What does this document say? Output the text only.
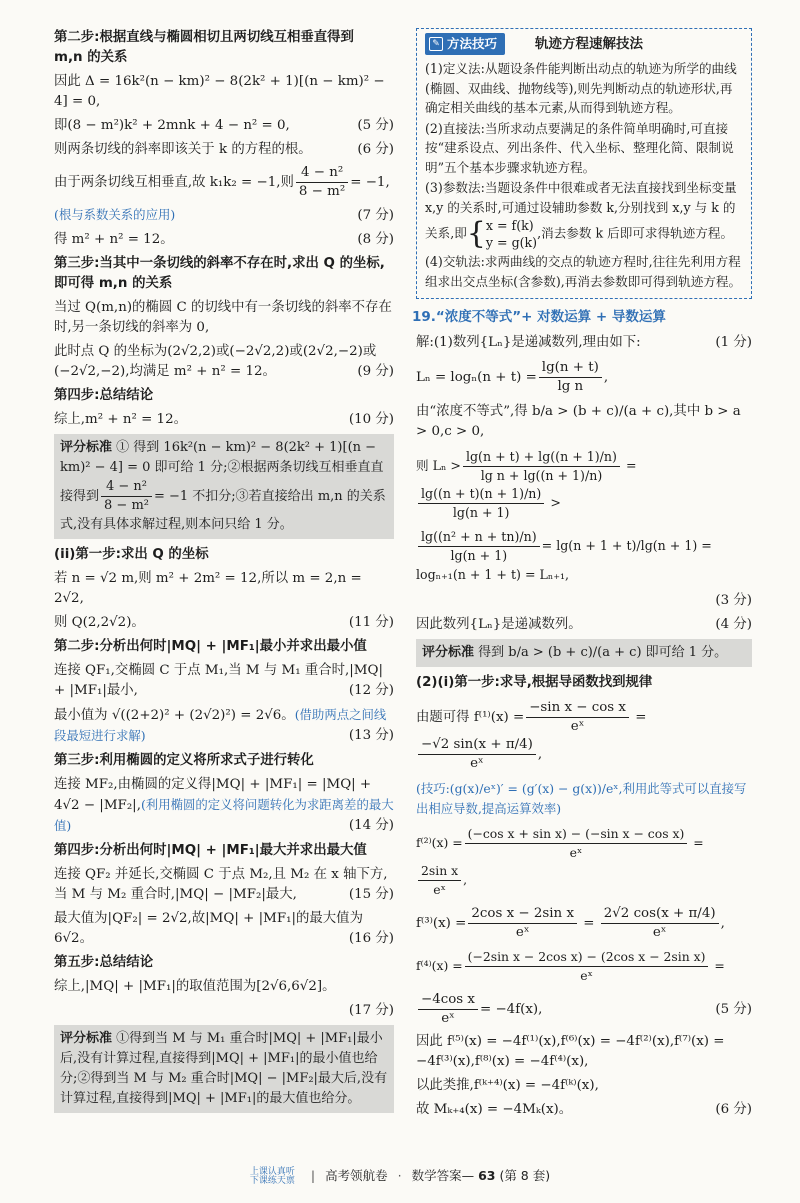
第二步:根据直线与椭圆相切且两切线互相垂直得到
m,n 的关系
因此 Δ = 16k²(n − km)² − 8(2k² + 1)[(n − km)² − 4] = 0,
即(8 − m²)k² + 2mnk + 4 − n² = 0,	(5 分)
则两条切线的斜率即该关于 k 的方程的根。	(6 分)
由于两条切线互相垂直,故 k₁k₂ = −1,则 $\frac{\text{4 − n²}}{\text{8 − m²}} = -1$,
(根与系数关系的应用)	(7 分)
得 m² + n² = 12。	(8 分)
第三步:当其中一条切线的斜率不存在时,求出 Q 的坐标,即可得 m,n 的关系
当过 Q(m,n)的椭圆 C 的切线中有一条切线的斜率不存在时,另一条切线的斜率为 0,
此时点 Q 的坐标为(2√2,2)或(−2√2,2)或(2√2,−2)或(−2√2,−2),均满足 m² + n² = 12。	(9 分)
第四步:总结结论
综上,m² + n² = 12。	(10 分)
评分标准 ① 得到 16k²(n − km)² − 8(2k² + 1)[(n − km)² − 4] = 0 即可给 1 分;②根据两条切线互相垂直直接得到 $\frac{\text{4 − n²}}{\text{8 − m²}} = -1$ 不扣分;③若直接给出 m,n 的关系式,没有具体求解过程,则本问只给 1 分。
(ii)第一步:求出 Q 的坐标
若 n = √2 m,则 m² + 2m² = 12,所以 m = 2,n = 2√2,
则 Q(2,2√2)。	(11 分)
第二步:分析出何时|MQ| + |MF₁|最小并求出最小值
连接 QF₁,交椭圆 C 于点 M₁,当 M 与 M₁ 重合时,|MQ| + |MF₁|最小,	(12 分)
最小值为 √((2+2)² + (2√2)²) = 2√6。(借助两点之间线段最短进行求解)	(13 分)
第三步:利用椭圆的定义将所求式子进行转化
连接 MF₂,由椭圆的定义得|MQ| + |MF₁| = |MQ| + 4√2 − |MF₂|,(利用椭圆的定义将问题转化为求距离差的最大值)	(14 分)
第四步:分析出何时|MQ| + |MF₁|最大并求出最大值
连接 QF₂ 并延长,交椭圆 C 于点 M₂,且 M₂ 在 x 轴下方,当 M 与 M₂ 重合时,|MQ| − |MF₂|最大,	(15 分)
最大值为|QF₂| = 2√2,故|MQ| + |MF₁|的最大值为 6√2。	(16 分)
第五步:总结结论
综上,|MQ| + |MF₁|的取值范围为[2√6,6√2]。
(17 分)
评分标准 ①得到当 M 与 M₁ 重合时|MQ| + |MF₁|最小后,没有计算过程,直接得到|MQ| + |MF₁|的最小值也给分;②得到当 M 与 M₂ 重合时|MQ| − |MF₂|最大后,没有计算过程,直接得到|MQ| + |MF₁|的最大值也给分。
✎ 方法技巧	轨迹方程速解技法
(1)定义法:从题设条件能判断出动点的轨迹为所学的曲线(椭圆、双曲线、抛物线等),则先判断动点的轨迹形状,再确定相关曲线的基本元素,从而得到轨迹方程。
(2)直接法:当所求动点要满足的条件简单明确时,可直接按“建系设点、列出条件、代入坐标、整理化简、限制说明”五个基本步骤求轨迹方程。
(3)参数法:当题设条件中很难或者无法直接找到坐标变量 x,y 的关系时,可通过设辅助参数 k,分别找到 x,y 与 k 的关系,即{x = f(k)
y = g(k),消去参数 k 后即可求得轨迹方程。
(4)交轨法:求两曲线的交点的轨迹方程时,往往先利用方程组求出交点坐标(含参数),再消去参数即可得到轨迹方程。
19.“浓度不等式”+ 对数运算 + 导数运算
解:(1)数列{Lₙ}是递减数列,理由如下:	(1 分)
$L_n = \log_n(n + t) = \frac{\lg(n + t)}{\text{lg n}}$ ,
由“浓度不等式”,得 b/a > (b + c)/(a + c),其中 b > a > 0,c > 0,
则 $L_n > \frac{\lg(n + t) + \lg((n + 1)/n)}{\text{lg n + lg((n + 1)/n)}}$ =
$\frac{\lg((n + t)(n + 1)/n)}{\lg(n + 1)}$ >
$\frac{\text{lg((n² + n + tn)/n)}}{\lg(n + 1)} = \lg(n + 1 + t)/\lg(n + 1) = \log_{n+1}(n + 1 + t) = L_{n+1}$,
(3 分)
因此数列{Lₙ}是递减数列。	(4 分)
评分标准 得到 b/a > (b + c)/(a + c) 即可给 1 分。
(2)(i)第一步:求导,根据导函数找到规律
由题可得 $f^{(1)}(x) = \frac{\text{−sin x − cos x}}{\text{eˣ}}$ =
$\frac{-√2 \sin(x + \pi/4)}{\text{eˣ}}$ ,
(技巧:(g(x)/eˣ)′ = (g′(x) − g(x))/eˣ,利用此等式可以直接写出相应导数,提高运算效率)
$f^{(2)}(x) = \frac{\text{(−cos x + sin x) − (−sin x − cos x)}}{\text{eˣ}}$ =
$\frac{\text{2sin x}}{\text{eˣ}}$ ,
$f^{(3)}(x) = \frac{\text{2cos x − 2sin x}}{\text{eˣ}} = \frac{2√2 \cos(x + \pi/4)}{\text{eˣ}}$ ,
$f^{(4)}(x) = \frac{\text{(−2sin x − 2cos x) − (2cos x − 2sin x)}}{\text{eˣ}}$ =
$\frac{\text{−4cos x}}{\text{eˣ}} = -4f(x)$,	(5 分)
因此 f⁽⁵⁾(x) = −4f⁽¹⁾(x),f⁽⁶⁾(x) = −4f⁽²⁾(x),f⁽⁷⁾(x) = −4f⁽³⁾(x),f⁽⁸⁾(x) = −4f⁽⁴⁾(x),
以此类推,f⁽ᵏ⁺⁴⁾(x) = −4f⁽ᵏ⁾(x),
故 Mₖ₊₄(x) = −4Mₖ(x)。	(6 分)
上课认真听
下课练天禀 | 高考领航卷 · 数学答案— 63 (第 8 套)
